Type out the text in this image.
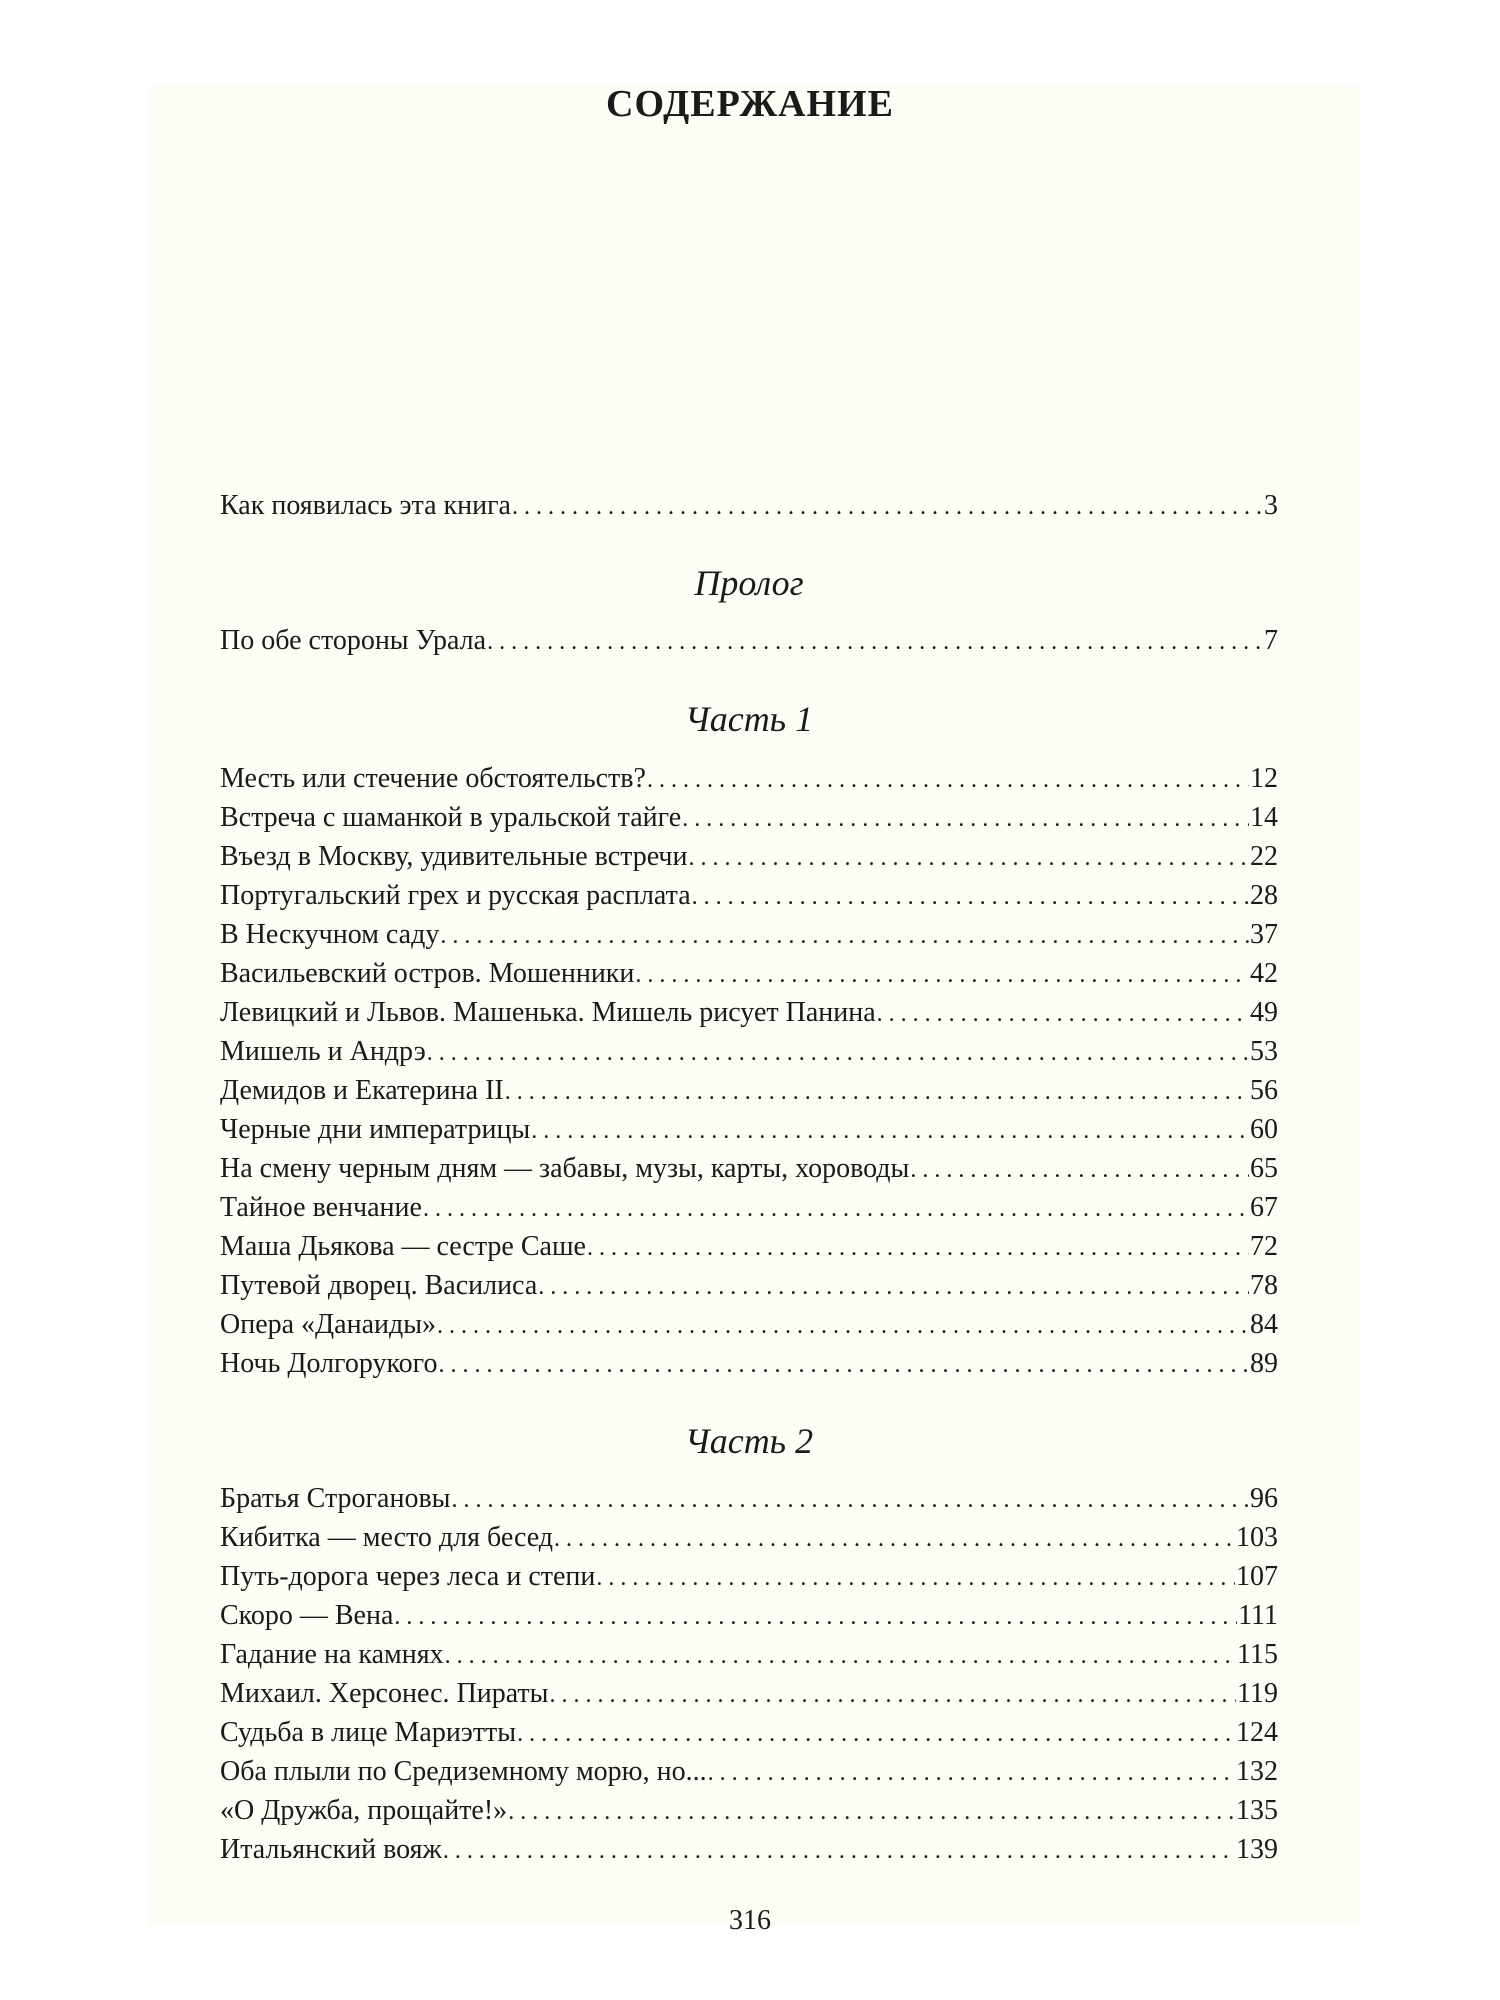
СОДЕРЖАНИЕ
Как появилась эта книга . . .	3
Пролог
По обе стороны Урала . . .	7
Часть 1
Месть или стечение обстоятельств? . . .	12
Встреча с шаманкой в уральской тайге . . .	14
Въезд в Москву, удивительные встречи . . .	22
Португальский грех и русская расплата . . .	28
В Нескучном саду . . .	37
Васильевский остров. Мошенники . . .	42
Левицкий и Львов. Машенька. Мишель рисует Панина . . .	49
Мишель и Андрэ . . .	53
Демидов и Екатерина II . . .	56
Черные дни императрицы . . .	60
На смену черным дням — забавы, музы, карты, хороводы . . .	65
Тайное венчание . . .	67
Маша Дьякова — сестре Саше . . .	72
Путевой дворец. Василиса . . .	78
Опера «Данаиды» . . .	84
Ночь Долгорукого . . .	89
Часть 2
Братья Строгановы . . .	96
Кибитка — место для бесед . . .	103
Путь-дорога через леса и степи . . .	107
Скоро — Вена . . .	111
Гадание на камнях . . .	115
Михаил. Херсонес. Пираты . . .	119
Судьба в лице Мариэтты . . .	124
Оба плыли по Средиземному морю, но... . . .	132
«О Дружба, прощайте!» . . .	135
Итальянский вояж . . .	139
316
